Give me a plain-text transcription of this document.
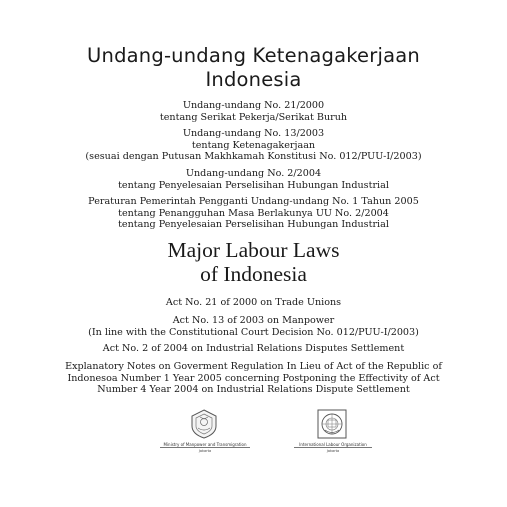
Undang-undang Ketenagakerjaan
Indonesia
Undang-undang No. 21/2000
tentang Serikat Pekerja/Serikat Buruh
Undang-undang No. 13/2003
tentang Ketenagakerjaan
(sesuai dengan Putusan Makhkamah Konstitusi No. 012/PUU-I/2003)
Undang-undang No. 2/2004
tentang Penyelesaian Perselisihan Hubungan Industrial
Peraturan Pemerintah Pengganti Undang-undang No. 1 Tahun 2005
tentang Penangguhan Masa Berlakunya UU No. 2/2004
tentang Penyelesaian Perselisihan Hubungan Industrial
Major Labour Laws
of Indonesia
Act No. 21 of 2000 on Trade Unions
Act No. 13 of 2003 on Manpower
(In line with the Constitutional Court Decision No. 012/PUU-I/2003)
Act No. 2 of 2004 on Industrial Relations Disputes Settlement
Explanatory Notes on Goverment Regulation In Lieu of Act of the Republic of
Indonesoa Number 1 Year 2005 concerning Postponing the Effectivity of Act
Number 4 Year 2004 on Industrial Relations Dispute Settlement
Ministry of Manpower and Transmigration
Jakarta
International Labour Organization
Jakarta
